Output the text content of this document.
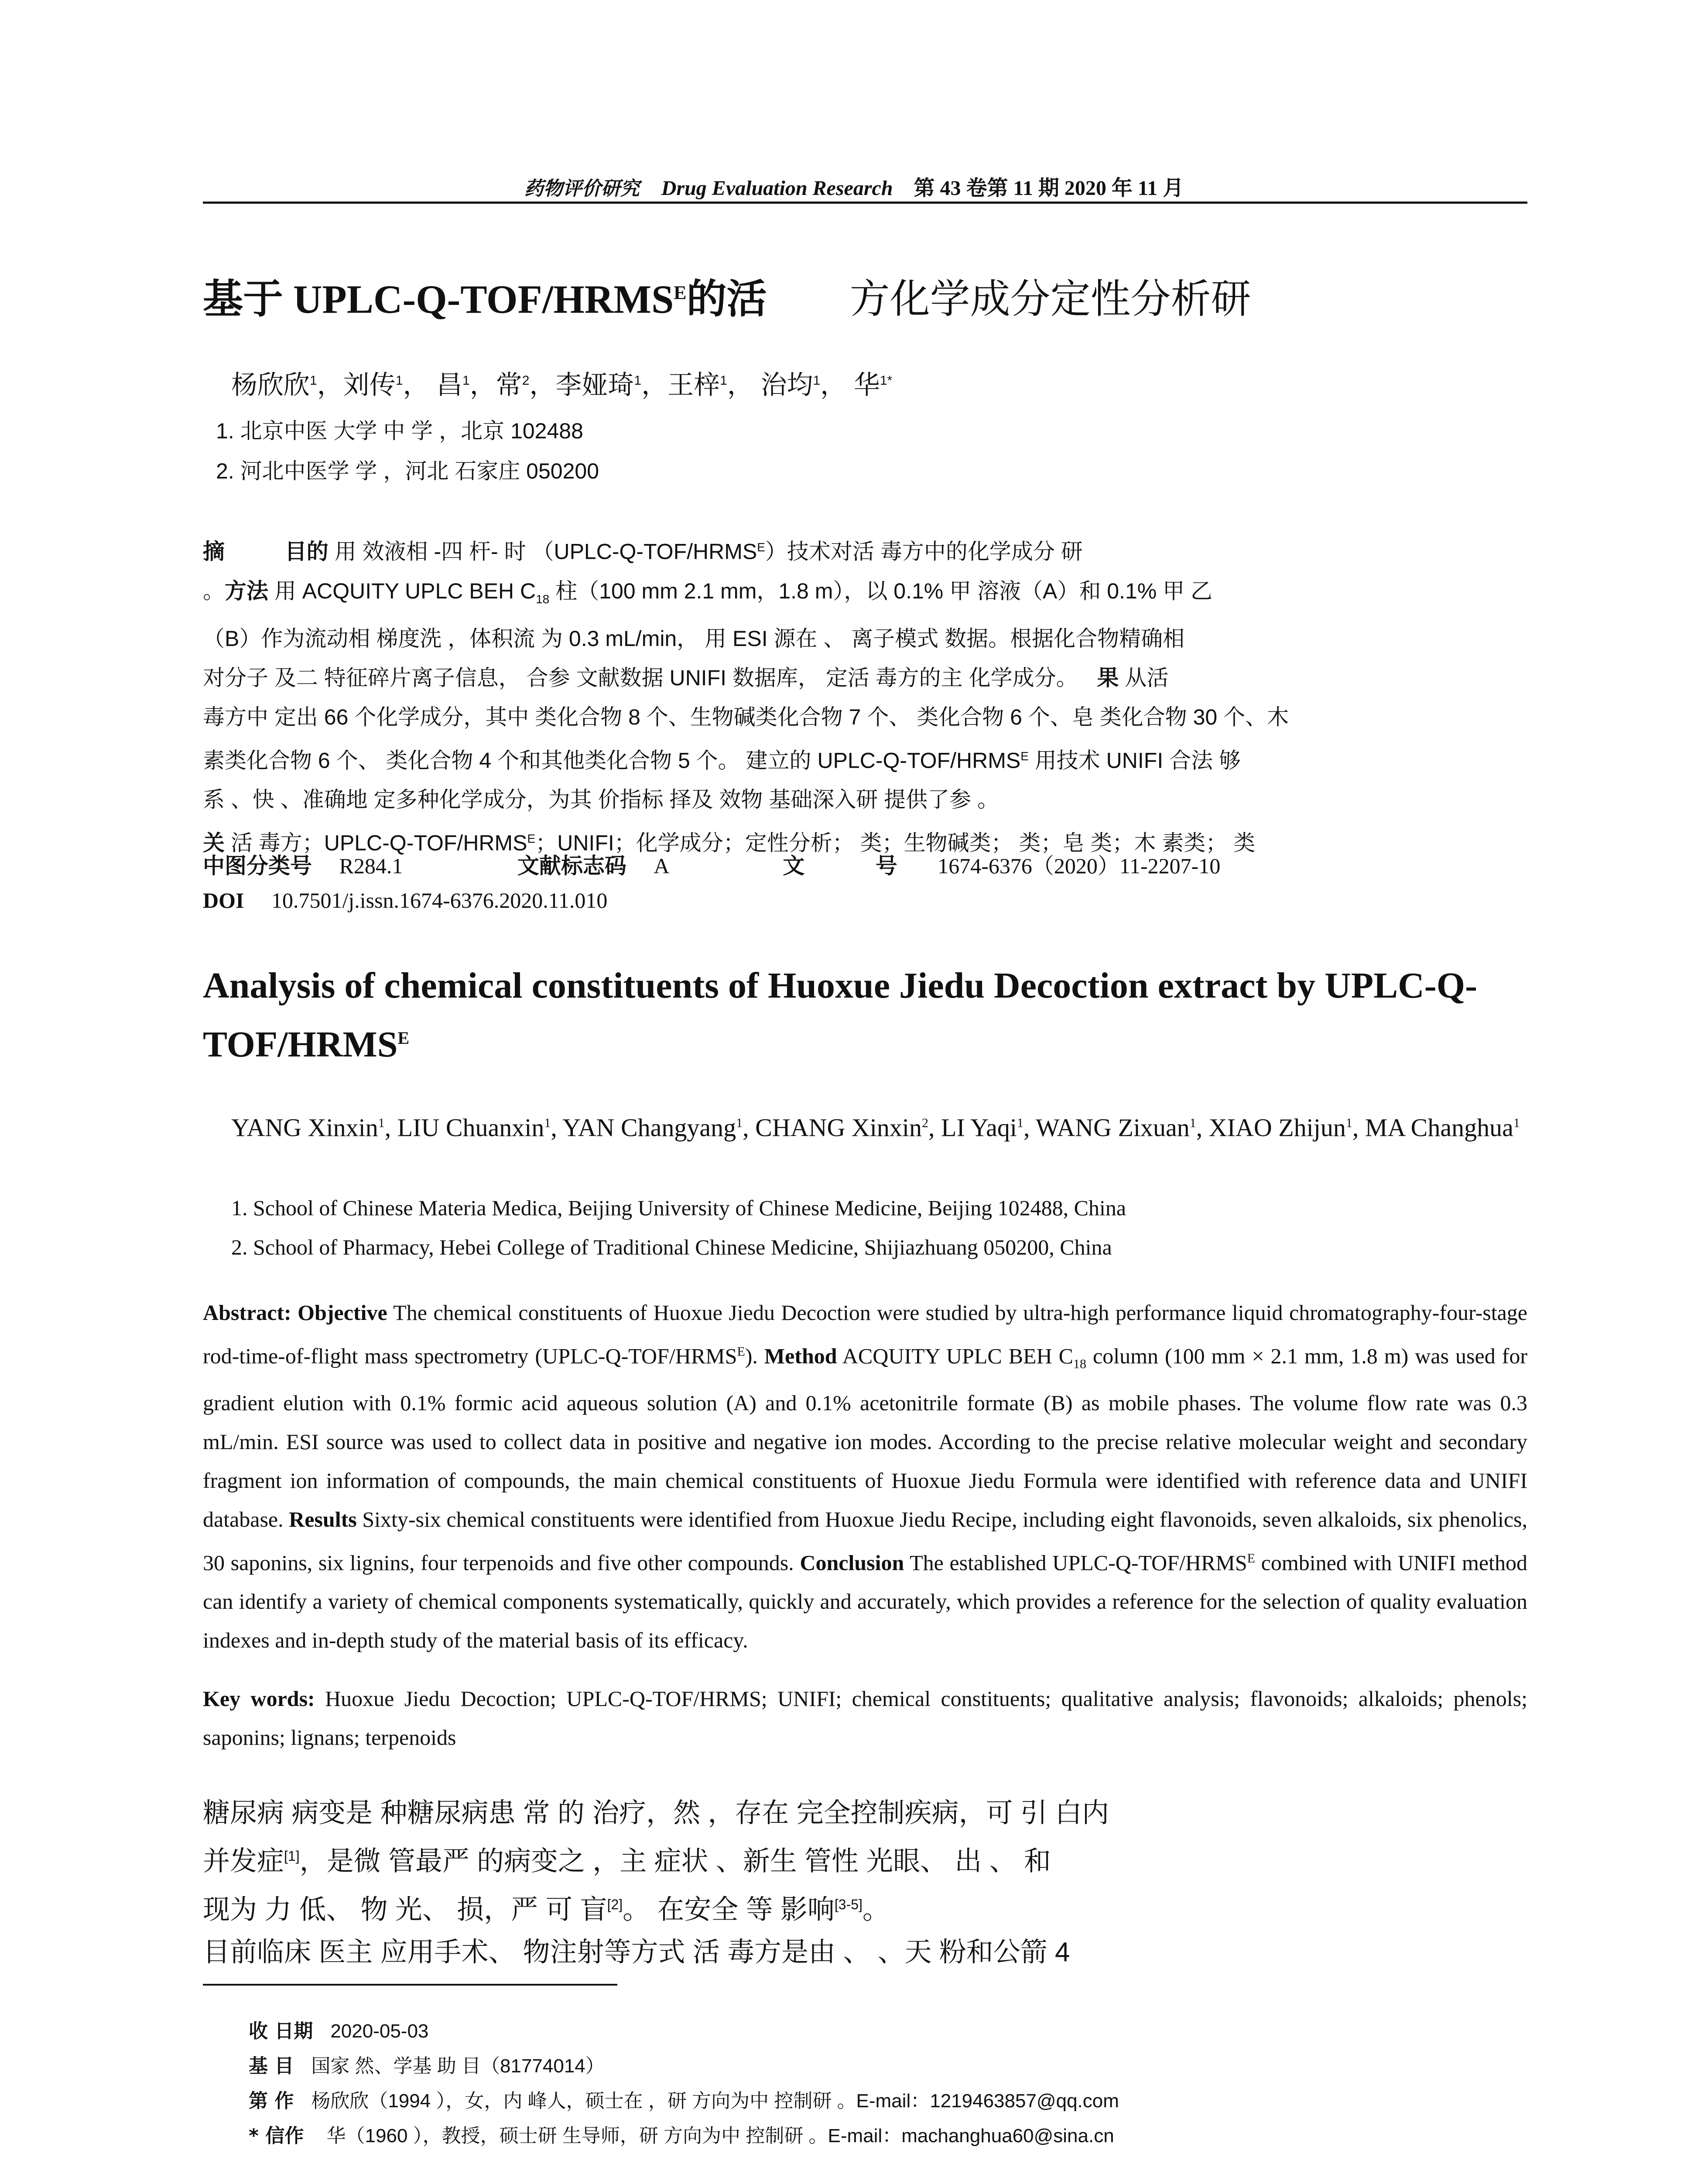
药物评价研究 Drug Evaluation Research 第 43 卷第 11 期 2020 年 11 月
基于 UPLC-$Q-TOF/HRMS^E$的活 方化学成分定性分析研
杨欣欣$^1$，刘传$^1$， 昌$^1$，常$^2$，李娅琦$^1$，王梓$^1$， 治均$^1$， 华$^{1*}$
1. 北京中医 大学 中 学 ，北京 102488
2. 河北中医学 学 ，河北 石家庄 050200
摘	目的 用 效液相 -四 杆- 时 $(UPLC-Q-TOF/HRMS^E)$技术对活 毒方中的化学成分 研
。方法 用 ACQUITY UPLC BEH $C_{18}$ 柱（100 mm 2.1 mm，1.8 m），以 0.1% 甲 溶液（A）和 0.1% 甲 乙
（B）作为流动相 梯度洗 ，体积流 为 0.3 mL/min， 用 ESI 源在 、 离子模式 数据。根据化合物精确相
对分子 及二 特征碎片离子信息， 合参 文献数据 UNIFI 数据库， 定活 毒方的主 化学成分。 果 从活
毒方中 定出 66 个化学成分，其中 类化合物 8 个、生物碱类化合物 7 个、 类化合物 6 个、皂 类化合物 30 个、木
素类化合物 6 个、 类化合物 4 个和其他类化合物 5 个。 建立的 UPLC-$Q-TOF/HRMS^E$ 用技术 UNIFI 合法 够
系 、快 、准确地 定多种化学成分，为其 价指标 择及 效物 基础深入研 提供了参 。
关 活 毒方；UPLC-$Q-TOF/HRMS^E$；UNIFI；化学成分；定性分析； 类；生物碱类； 类；皂 类；木 素类； 类
中图分类号 R284.1	文献标志码 A	文	号 1674-6376（2020）11-2207-10
DOI 10.7501/j.issn.1674-6376.2020.11.010
Analysis of chemical constituents of Huoxue Jiedu Decoction extract by UPLC-$Q-TOF/HRMS^E$
YANG Xinxin$^1$, LIU Chuanxin$^1$, YAN Changyang$^1$, CHANG Xinxin$^2$, LI Yaqi$^1$, WANG Zixuan$^1$, XIAO Zhijun$^1$, MA Changhua$^1$
1. School of Chinese Materia Medica, Beijing University of Chinese Medicine, Beijing 102488, China
2. School of Pharmacy, Hebei College of Traditional Chinese Medicine, Shijiazhuang 050200, China
Abstract: Objective The chemical constituents of Huoxue Jiedu Decoction were studied by ultra-high performance liquid chromatography-four-stage rod-time-of-flight mass spectrometry $(UPLC-Q-TOF/HRMS^E)$. Method ACQUITY UPLC BEH $C_{18}$ column (100 mm × 2.1 mm, 1.8 m) was used for gradient elution with 0.1% formic acid aqueous solution (A) and 0.1% acetonitrile formate (B) as mobile phases. The volume flow rate was 0.3 mL/min. ESI source was used to collect data in positive and negative ion modes. According to the precise relative molecular weight and secondary fragment ion information of compounds, the main chemical constituents of Huoxue Jiedu Formula were identified with reference data and UNIFI database. Results Sixty-six chemical constituents were identified from Huoxue Jiedu Recipe, including eight flavonoids, seven alkaloids, six phenolics, 30 saponins, six lignins, four terpenoids and five other compounds. Conclusion The established UPLC-$Q-TOF/HRMS^E$ combined with UNIFI method can identify a variety of chemical components systematically, quickly and accurately, which provides a reference for the selection of quality evaluation indexes and in-depth study of the material basis of its efficacy.
Key words: Huoxue Jiedu Decoction; UPLC-Q-TOF/HRMS; UNIFI; chemical constituents; qualitative analysis; flavonoids; alkaloids; phenols; saponins; lignans; terpenoids
糖尿病 病变是 种糖尿病患 常 的 治疗，然 ，存在 完全控制疾病，可 引 白内
并发症[1]，是微 管最严 的病变之 ，主 症状 、新生 管性 光眼、 出 、 和
现为 力 低、 物 光、 损，严 可 盲[2]。 在安全 等 影响[3-5]。
目前临床 医主 应用手术、 物注射等方式 活 毒方是由 、 、天 粉和公箭 4
收 日期 2020-05-03
基 目 国家 然、学基 助 目（81774014）
第 作 杨欣欣（1994 ），女，内 峰人，硕士在 ，研 方向为中 控制研 。E-mail：1219463857@qq.com
* 信作 华（1960 ），教授，硕士研 生导师，研 方向为中 控制研 。E-mail：machanghua60@sina.cn
